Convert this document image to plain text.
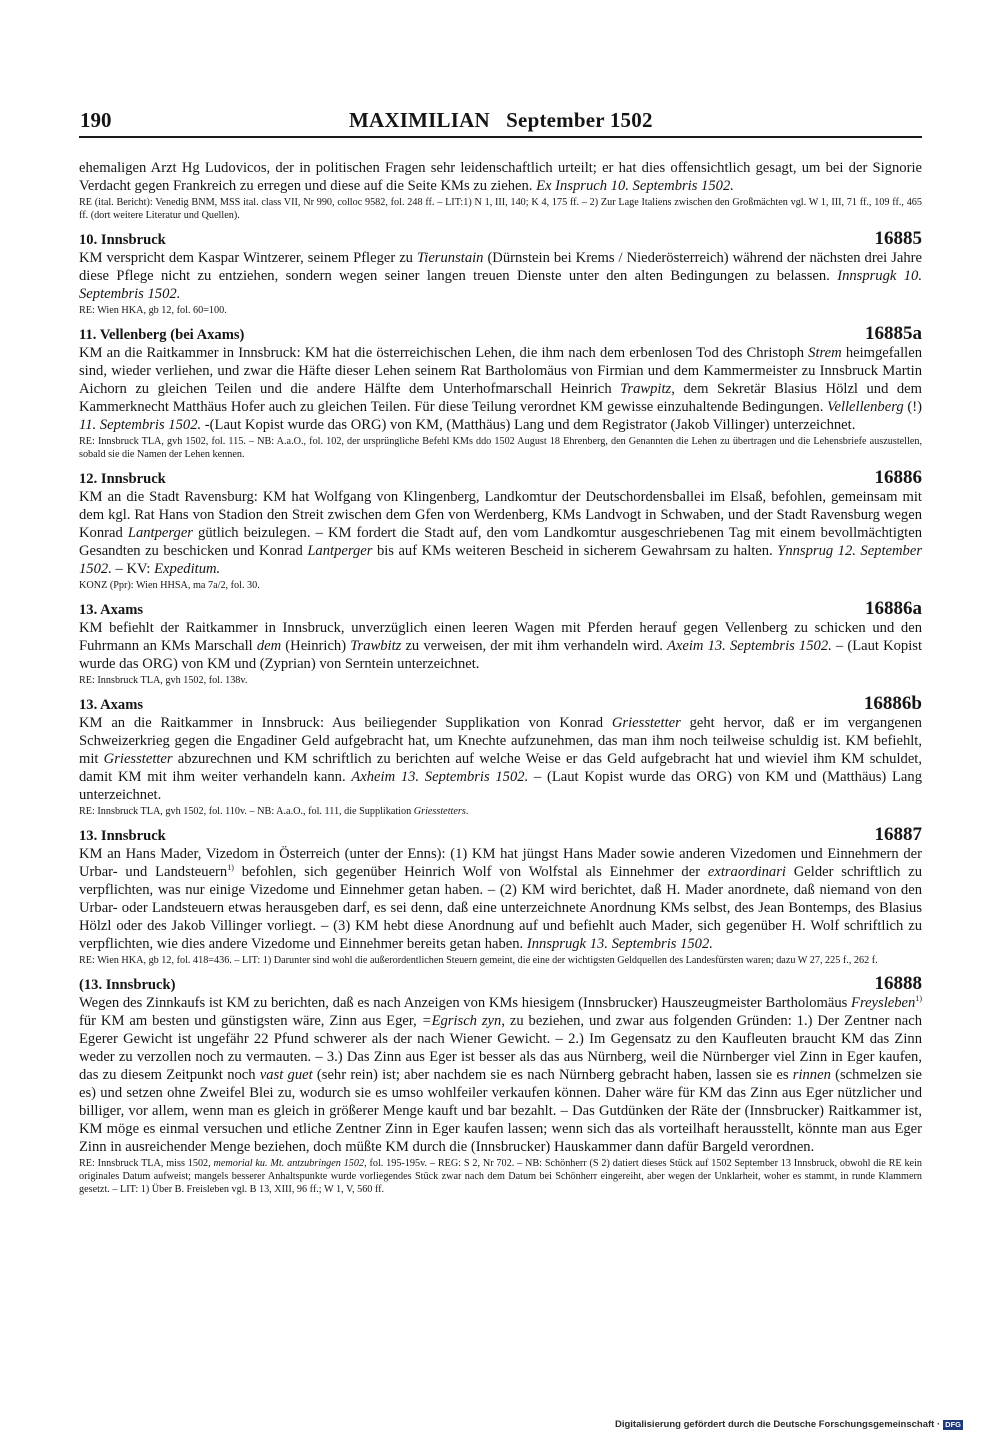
190	MAXIMILIAN   September 1502

ehemaligen Arzt Hg Ludovicos, der in politischen Fragen sehr leidenschaftlich urteilt; er hat dies offensichtlich gesagt, um bei der Signorie Verdacht gegen Frankreich zu erregen und diese auf die Seite KMs zu ziehen. Ex Inspruch 10. Septembris 1502.

RE (ital. Bericht): Venedig BNM, MSS ital. class VII, Nr 990, colloc 9582, fol. 248 ff. – LIT:1) N 1, III, 140; K 4, 175 ff. – 2) Zur Lage Italiens zwischen den Großmächten vgl. W 1, III, 71 ff., 109 ff., 465 ff. (dort weitere Literatur und Quellen).

10. Innsbruck	16885

KM verspricht dem Kaspar Wintzerer, seinem Pfleger zu Tierunstain (Dürnstein bei Krems / Niederösterreich) während der nächsten drei Jahre diese Pflege nicht zu entziehen, sondern wegen seiner langen treuen Dienste unter den alten Bedingungen zu belassen. Innsprugk 10. Septembris 1502.

RE: Wien HKA, gb 12, fol. 60=100.

11. Vellenberg (bei Axams)	16885a

KM an die Raitkammer in Innsbruck: KM hat die österreichischen Lehen, die ihm nach dem erbenlosen Tod des Christoph Strem heimgefallen sind, wieder verliehen, und zwar die Häfte dieser Lehen seinem Rat Bartholomäus von Firmian und dem Kammermeister zu Innsbruck Martin Aichorn zu gleichen Teilen und die andere Hälfte dem Unterhofmarschall Heinrich Trawpitz, dem Sekretär Blasius Hölzl und dem Kammerknecht Matthäus Hofer auch zu gleichen Teilen. Für diese Teilung verordnet KM gewisse einzuhaltende Bedingungen. Vellellenberg (!) 11. Septembris 1502. -(Laut Kopist wurde das ORG) von KM, (Matthäus) Lang und dem Registrator (Jakob Villinger) unterzeichnet.

RE: Innsbruck TLA, gvh 1502, fol. 115. – NB: A.a.O., fol. 102, der ursprüngliche Befehl KMs ddo 1502 August 18 Ehrenberg, den Genannten die Lehen zu übertragen und die Lehensbriefe auszustellen, sobald sie die Namen der Lehen kennen.

12. Innsbruck	16886

KM an die Stadt Ravensburg: KM hat Wolfgang von Klingenberg, Landkomtur der Deutschordensballei im Elsaß, befohlen, gemeinsam mit dem kgl. Rat Hans von Stadion den Streit zwischen dem Gfen von Werdenberg, KMs Landvogt in Schwaben, und der Stadt Ravensburg wegen Konrad Lantperger gütlich beizulegen. – KM fordert die Stadt auf, den vom Landkomtur ausgeschriebenen Tag mit einem bevollmächtigten Gesandten zu beschicken und Konrad Lantperger bis auf KMs weiteren Bescheid in sicherem Gewahrsam zu halten. Ynnsprug 12. September 1502. – KV: Expeditum.

KONZ (Ppr): Wien HHSA, ma 7a/2, fol. 30.

13. Axams	16886a

KM befiehlt der Raitkammer in Innsbruck, unverzüglich einen leeren Wagen mit Pferden herauf gegen Vellenberg zu schicken und den Fuhrmann an KMs Marschall dem (Heinrich) Trawbitz zu verweisen, der mit ihm verhandeln wird. Axeim 13. Septembris 1502. – (Laut Kopist wurde das ORG) von KM und (Zyprian) von Serntein unterzeichnet.

RE: Innsbruck TLA, gvh 1502, fol. 138v.

13. Axams	16886b

KM an die Raitkammer in Innsbruck: Aus beiliegender Supplikation von Konrad Griesstetter geht hervor, daß er im vergangenen Schweizerkrieg gegen die Engadiner Geld aufgebracht hat, um Knechte aufzunehmen, das man ihm noch teilweise schuldig ist. KM befiehlt, mit Griesstetter abzurechnen und KM schriftlich zu berichten auf welche Weise er das Geld aufgebracht hat und wieviel ihm KM schuldet, damit KM mit ihm weiter verhandeln kann. Axheim 13. Septembris 1502. – (Laut Kopist wurde das ORG) von KM und (Matthäus) Lang unterzeichnet.

RE: Innsbruck TLA, gvh 1502, fol. 110v. – NB: A.a.O., fol. 111, die Supplikation Griesstetters.

13. Innsbruck	16887

KM an Hans Mader, Vizedom in Österreich (unter der Enns): (1) KM hat jüngst Hans Mader sowie anderen Vizedomen und Einnehmern der Urbar- und Landsteuern$^{1)}$ befohlen, sich gegenüber Heinrich Wolf von Wolfstal als Einnehmer der extraordinari Gelder schriftlich zu verpflichten, was nur einige Vizedome und Einnehmer getan haben. – (2) KM wird berichtet, daß H. Mader anordnete, daß niemand von den Urbar- oder Landsteuern etwas herausgeben darf, es sei denn, daß eine unterzeichnete Anordnung KMs selbst, des Jean Bontemps, des Blasius Hölzl oder des Jakob Villinger vorliegt. – (3) KM hebt diese Anordnung auf und befiehlt auch Mader, sich gegenüber H. Wolf schriftlich zu verpflichten, wie dies andere Vizedome und Einnehmer bereits getan haben. Innsprugk 13. Septembris 1502.

RE: Wien HKA, gb 12, fol. 418=436. – LIT: 1) Darunter sind wohl die außerordentlichen Steuern gemeint, die eine der wichtigsten Geldquellen des Landesfürsten waren; dazu W 27, 225 f., 262 f.

(13. Innsbruck)	16888

Wegen des Zinnkaufs ist KM zu berichten, daß es nach Anzeigen von KMs hiesigem (Innsbrucker) Hauszeugmeister Bartholomäus Freysleben$^{1)}$ für KM am besten und günstigsten wäre, Zinn aus Eger, =Egrisch zyn, zu beziehen, und zwar aus folgenden Gründen: 1.) Der Zentner nach Egerer Gewicht ist ungefähr 22 Pfund schwerer als der nach Wiener Gewicht. – 2.) Im Gegensatz zu den Kaufleuten braucht KM das Zinn weder zu verzollen noch zu vermauten. – 3.) Das Zinn aus Eger ist besser als das aus Nürnberg, weil die Nürnberger viel Zinn in Eger kaufen, das zu diesem Zeitpunkt noch vast guet (sehr rein) ist; aber nachdem sie es nach Nürnberg gebracht haben, lassen sie es rinnen (schmelzen sie es) und setzen ohne Zweifel Blei zu, wodurch sie es umso wohlfeiler verkaufen können. Daher wäre für KM das Zinn aus Eger nützlicher und billiger, vor allem, wenn man es gleich in größerer Menge kauft und bar bezahlt. – Das Gutdünken der Räte der (Innsbrucker) Raitkammer ist, KM möge es einmal versuchen und etliche Zentner Zinn in Eger kaufen lassen; wenn sich das als vorteilhaft herausstellt, könnte man aus Eger Zinn in ausreichender Menge beziehen, doch müßte KM durch die (Innsbrucker) Hauskammer dann dafür Bargeld verordnen.

RE: Innsbruck TLA, miss 1502, memorial ku. Mt. antzubringen 1502, fol. 195-195v. – REG: S 2, Nr 702. – NB: Schönherr (S 2) datiert dieses Stück auf 1502 September 13 Innsbruck, obwohl die RE kein originales Datum aufweist; mangels besserer Anhaltspunkte wurde vorliegendes Stück zwar nach dem Datum bei Schönherr eingereiht, aber wegen der Unklarheit, woher es stammt, in runde Klammern gesetzt. – LIT: 1) Über B. Freisleben vgl. B 13, XIII, 96 ff.; W 1, V, 560 ff.

Digitalisierung gefördert durch die Deutsche Forschungsgemeinschaft · DFG
